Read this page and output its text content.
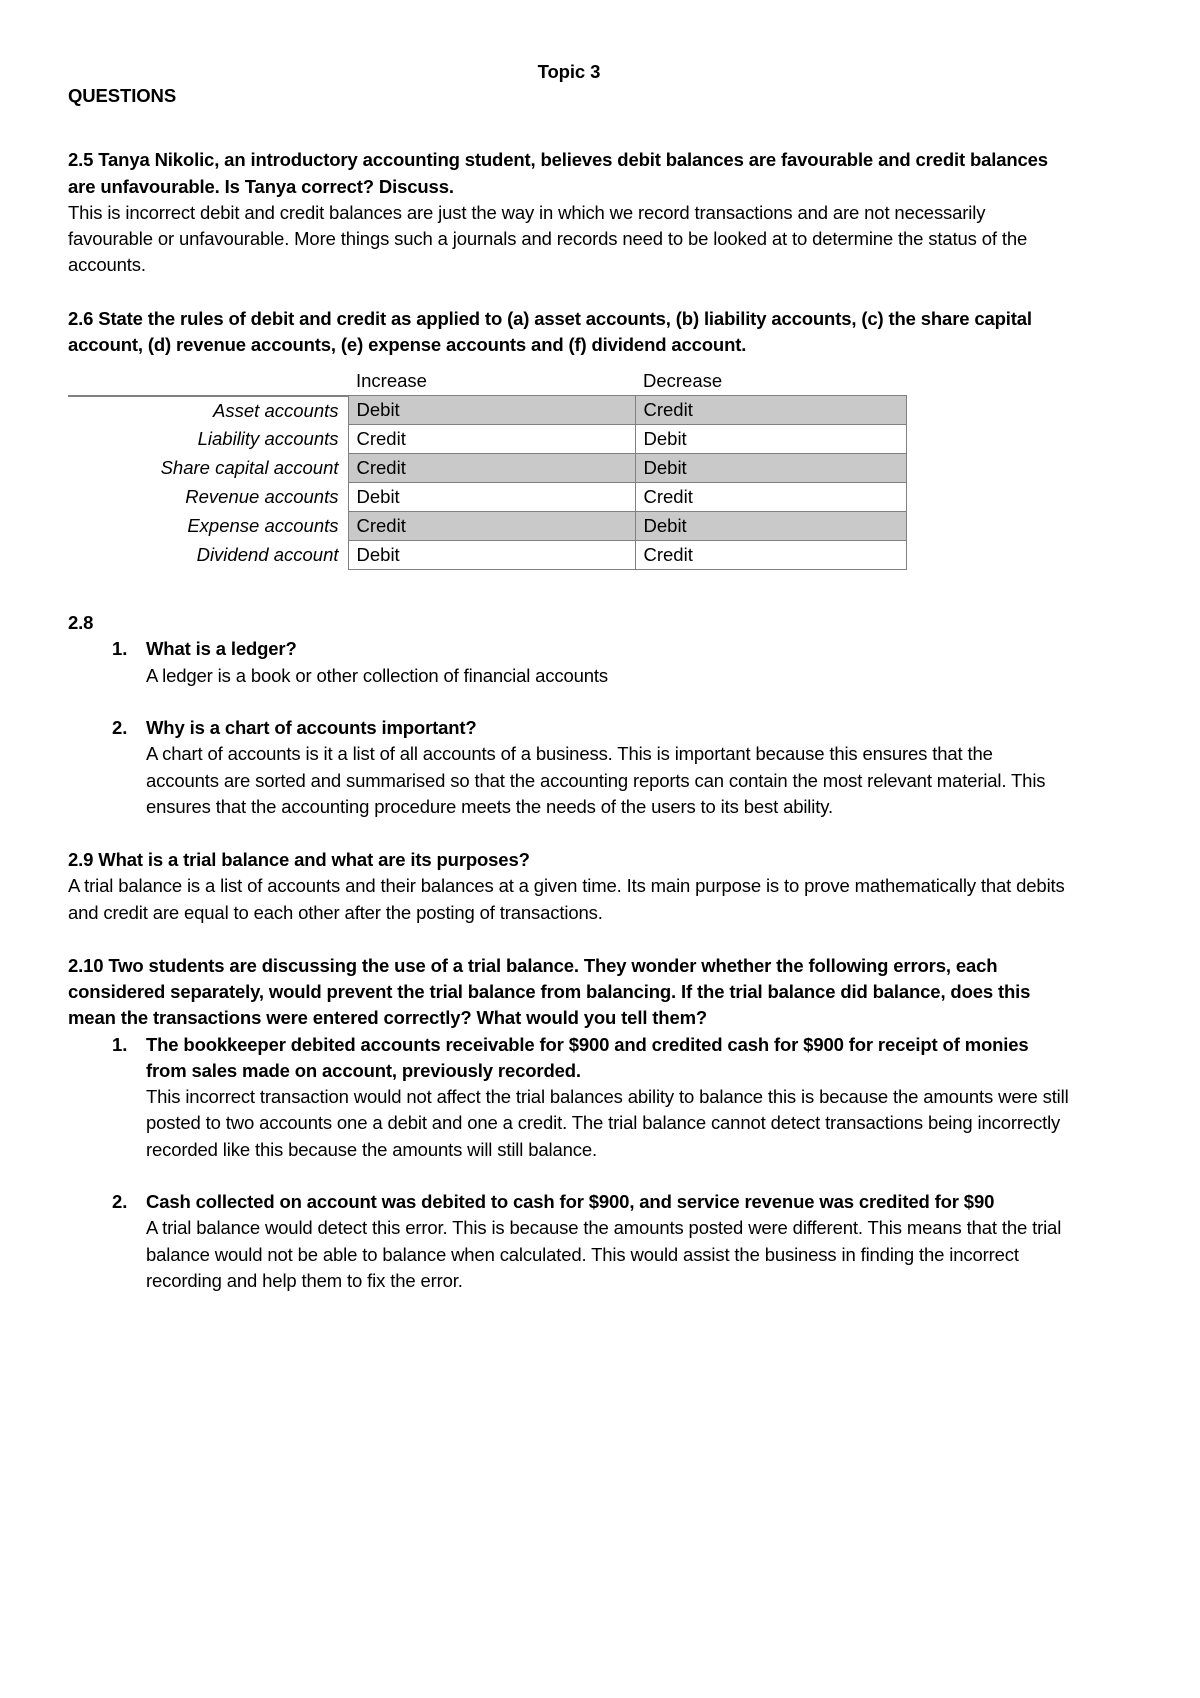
Topic 3
QUESTIONS

2.5 Tanya Nikolic, an introductory accounting student, believes debit balances are favourable and credit balances are unfavourable. Is Tanya correct? Discuss.

This is incorrect debit and credit balances are just the way in which we record transactions and are not necessarily favourable or unfavourable. More things such a journals and records need to be looked at to determine the status of the accounts.

2.6 State the rules of debit and credit as applied to (a) asset accounts, (b) liability accounts, (c) the share capital account, (d) revenue accounts, (e) expense accounts and (f) dividend account.

	Increase	Decrease
Asset accounts	Debit	Credit
Liability accounts	Credit	Debit
Share capital account	Credit	Debit
Revenue accounts	Debit	Credit
Expense accounts	Credit	Debit
Dividend account	Debit	Credit

2.8

1. What is a ledger?

A ledger is a book or other collection of financial accounts

2. Why is a chart of accounts important?

A chart of accounts is it a list of all accounts of a business. This is important because this ensures that the accounts are sorted and summarised so that the accounting reports can contain the most relevant material. This ensures that the accounting procedure meets the needs of the users to its best ability.

2.9 What is a trial balance and what are its purposes?

A trial balance is a list of accounts and their balances at a given time. Its main purpose is to prove mathematically that debits and credit are equal to each other after the posting of transactions.

2.10 Two students are discussing the use of a trial balance. They wonder whether the following errors, each considered separately, would prevent the trial balance from balancing. If the trial balance did balance, does this mean the transactions were entered correctly? What would you tell them?

1. The bookkeeper debited accounts receivable for $900 and credited cash for $900 for receipt of monies from sales made on account, previously recorded.

This incorrect transaction would not affect the trial balances ability to balance this is because the amounts were still posted to two accounts one a debit and one a credit. The trial balance cannot detect transactions being incorrectly recorded like this because the amounts will still balance.

2. Cash collected on account was debited to cash for $900, and service revenue was credited for $90

A trial balance would detect this error. This is because the amounts posted were different. This means that the trial balance would not be able to balance when calculated. This would assist the business in finding the incorrect recording and help them to fix the error.
